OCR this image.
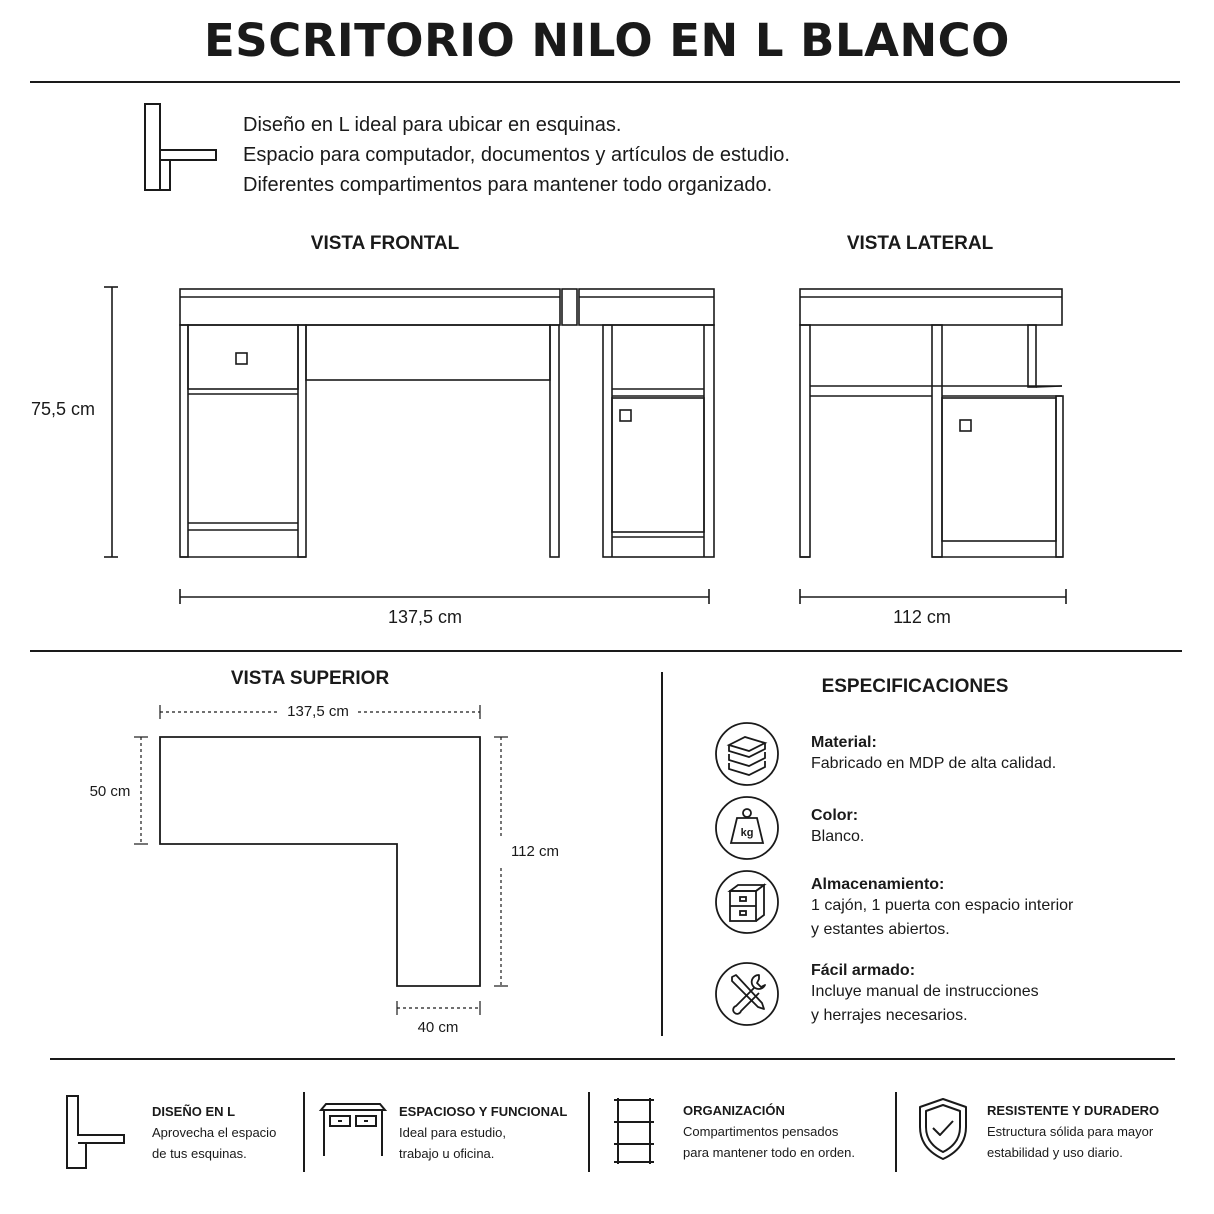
ESCRITORIO NILO EN L BLANCO
Diseño en L ideal para ubicar en esquinas.
Espacio para computador, documentos y artículos de estudio.
Diferentes compartimentos para mantener todo organizado.
VISTA FRONTAL
75,5 cm
137,5 cm
VISTA LATERAL
112 cm
VISTA SUPERIOR
137,5 cm
50 cm
112 cm
40 cm
ESPECIFICACIONES
Material:
Fabricado en MDP de alta calidad.
kg
Color:
Blanco.
Almacenamiento:
1 cajón, 1 puerta con espacio interior
y estantes abiertos.
Fácil armado:
Incluye manual de instrucciones
y herrajes necesarios.
DISEÑO EN L
Aprovecha el espacio
de tus esquinas.
ESPACIOSO Y FUNCIONAL
Ideal para estudio,
trabajo u oficina.
ORGANIZACIÓN
Compartimentos pensados
para mantener todo en orden.
RESISTENTE Y DURADERO
Estructura sólida para mayor
estabilidad y uso diario.
